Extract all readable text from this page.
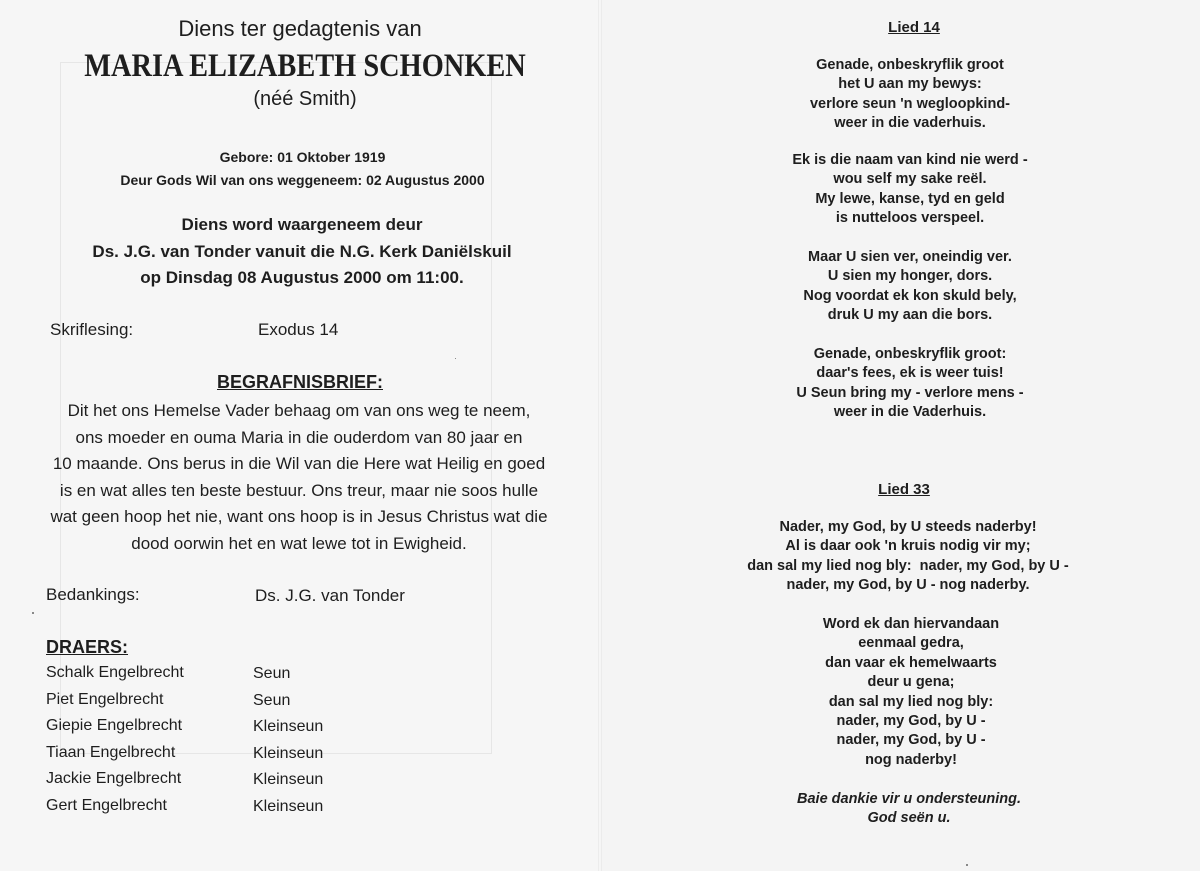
Diens ter gedagtenis van
MARIA ELIZABETH SCHONKEN
(néé Smith)
Gebore: 01 Oktober 1919
Deur Gods Wil van ons weggeneem: 02 Augustus 2000
Diens word waargeneem deur
Ds. J.G. van Tonder vanuit die N.G. Kerk Daniëlskuil
op Dinsdag 08 Augustus 2000 om 11:00.
Skriflesing:	Exodus 14
BEGRAFNISBRIEF:
Dit het ons Hemelse Vader behaag om van ons weg te neem,
ons moeder en ouma Maria in die ouderdom van 80 jaar en
10 maande. Ons berus in die Wil van die Here wat Heilig en goed
is en wat alles ten beste bestuur. Ons treur, maar nie soos hulle
wat geen hoop het nie, want ons hoop is in Jesus Christus wat die
dood oorwin het en wat lewe tot in Ewigheid.
Bedankings:	Ds. J.G. van Tonder
DRAERS:
Schalk Engelbrecht	Seun
Piet Engelbrecht	Seun
Giepie Engelbrecht	Kleinseun
Tiaan Engelbrecht	Kleinseun
Jackie Engelbrecht	Kleinseun
Gert Engelbrecht	Kleinseun
Lied 14
Genade, onbeskryflik groot
het U aan my bewys:
verlore seun 'n wegloopkind-
weer in die vaderhuis.
Ek is die naam van kind nie werd -
wou self my sake reël.
My lewe, kanse, tyd en geld
is nutteloos verspeel.
Maar U sien ver, oneindig ver.
U sien my honger, dors.
Nog voordat ek kon skuld bely,
druk U my aan die bors.
Genade, onbeskryflik groot:
daar's fees, ek is weer tuis!
U Seun bring my - verlore mens -
weer in die Vaderhuis.
Lied 33
Nader, my God, by U steeds naderby!
Al is daar ook 'n kruis nodig vir my;
dan sal my lied nog bly:  nader, my God, by U -
nader, my God, by U - nog naderby.
Word ek dan hiervandaan
eenmaal gedra,
dan vaar ek hemelwaarts
deur u gena;
dan sal my lied nog bly:
nader, my God, by U -
nader, my God, by U -
nog naderby!
Baie dankie vir u ondersteuning.
God seën u.
